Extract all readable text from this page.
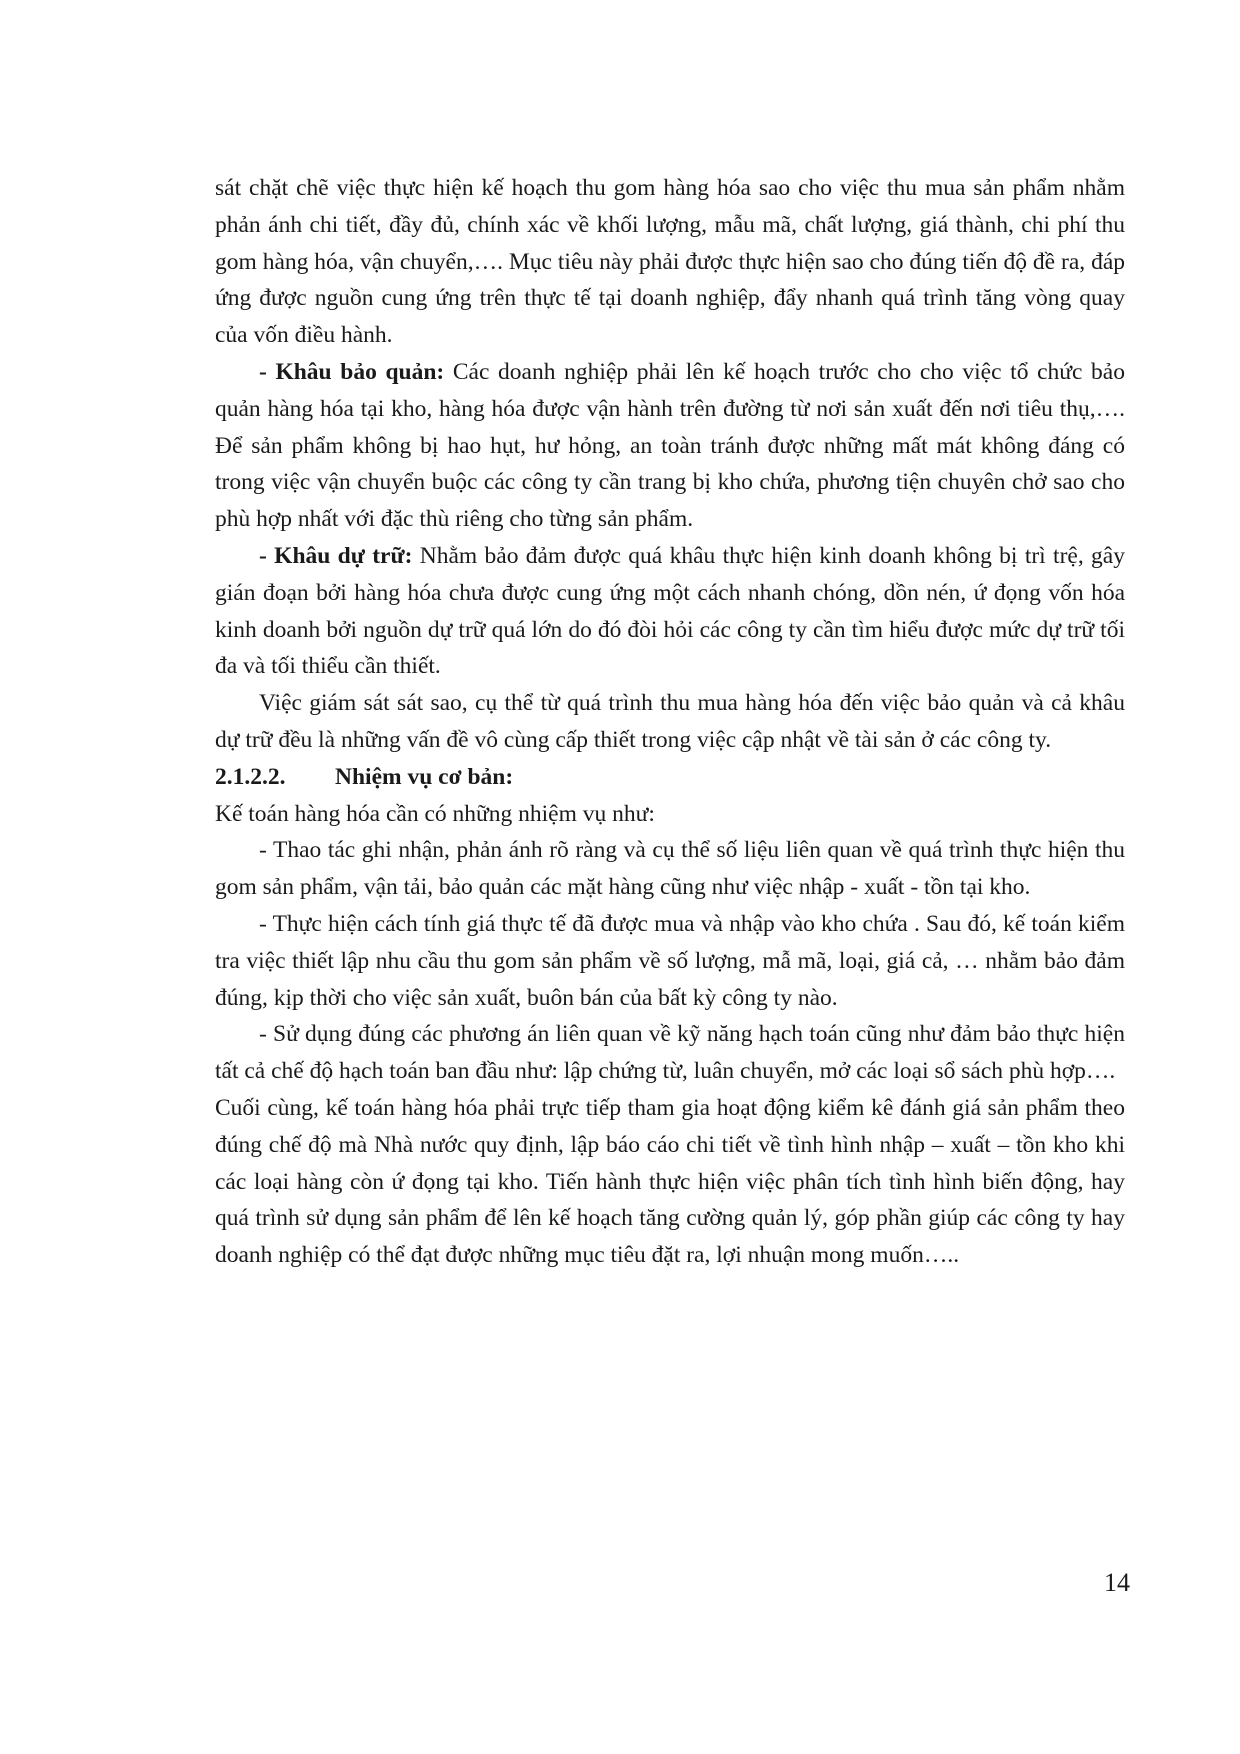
sát chặt chẽ việc thực hiện kế hoạch thu gom hàng hóa sao cho việc thu mua sản phẩm nhằm phản ánh chi tiết, đầy đủ, chính xác về khối lượng, mẫu mã, chất lượng, giá thành, chi phí thu gom hàng hóa, vận chuyển,…. Mục tiêu này phải được thực hiện sao cho đúng tiến độ đề ra, đáp ứng được nguồn cung ứng trên thực tế tại doanh nghiệp, đẩy nhanh quá trình tăng vòng quay của vốn điều hành.

- Khâu bảo quản: Các doanh nghiệp phải lên kế hoạch trước cho cho việc tổ chức bảo quản hàng hóa tại kho, hàng hóa được vận hành trên đường từ nơi sản xuất đến nơi tiêu thụ,…. Để sản phẩm không bị hao hụt, hư hỏng, an toàn tránh được những mất mát không đáng có trong việc vận chuyển buộc các công ty cần trang bị kho chứa, phương tiện chuyên chở sao cho phù hợp nhất với đặc thù riêng cho từng sản phẩm.

- Khâu dự trữ: Nhằm bảo đảm được quá khâu thực hiện kinh doanh không bị trì trệ, gây gián đoạn bởi hàng hóa chưa được cung ứng một cách nhanh chóng, dồn nén, ứ đọng vốn hóa kinh doanh bởi nguồn dự trữ quá lớn do đó đòi hỏi các công ty cần tìm hiểu được mức dự trữ tối đa và tối thiểu cần thiết.

Việc giám sát sát sao, cụ thể từ quá trình thu mua hàng hóa đến việc bảo quản và cả khâu dự trữ đều là những vấn đề vô cùng cấp thiết trong việc cập nhật về tài sản ở các công ty.

2.1.2.2.	Nhiệm vụ cơ bản:

Kế toán hàng hóa cần có những nhiệm vụ như:

- Thao tác ghi nhận, phản ánh rõ ràng và cụ thể số liệu liên quan về quá trình thực hiện thu gom sản phẩm, vận tải, bảo quản các mặt hàng cũng như việc nhập - xuất - tồn tại kho.

- Thực hiện cách tính giá thực tế đã được mua và nhập vào kho chứa . Sau đó, kế toán kiểm tra việc thiết lập nhu cầu thu gom sản phẩm về số lượng, mẫ mã, loại, giá cả, … nhằm bảo đảm đúng, kịp thời cho việc sản xuất, buôn bán của bất kỳ công ty nào.

- Sử dụng đúng các phương án liên quan về kỹ năng hạch toán cũng như đảm bảo thực hiện tất cả chế độ hạch toán ban đầu như: lập chứng từ, luân chuyển, mở các loại sổ sách phù hợp….

Cuối cùng, kế toán hàng hóa phải trực tiếp tham gia hoạt động kiểm kê đánh giá sản phẩm theo đúng chế độ mà Nhà nước quy định, lập báo cáo chi tiết về tình hình nhập – xuất – tồn kho khi các loại hàng còn ứ đọng tại kho. Tiến hành thực hiện việc phân tích tình hình biến động, hay quá trình sử dụng sản phẩm để lên kế hoạch tăng cường quản lý, góp phần giúp các công ty hay doanh nghiệp có thể đạt được những mục tiêu đặt ra, lợi nhuận mong muốn…..

14
